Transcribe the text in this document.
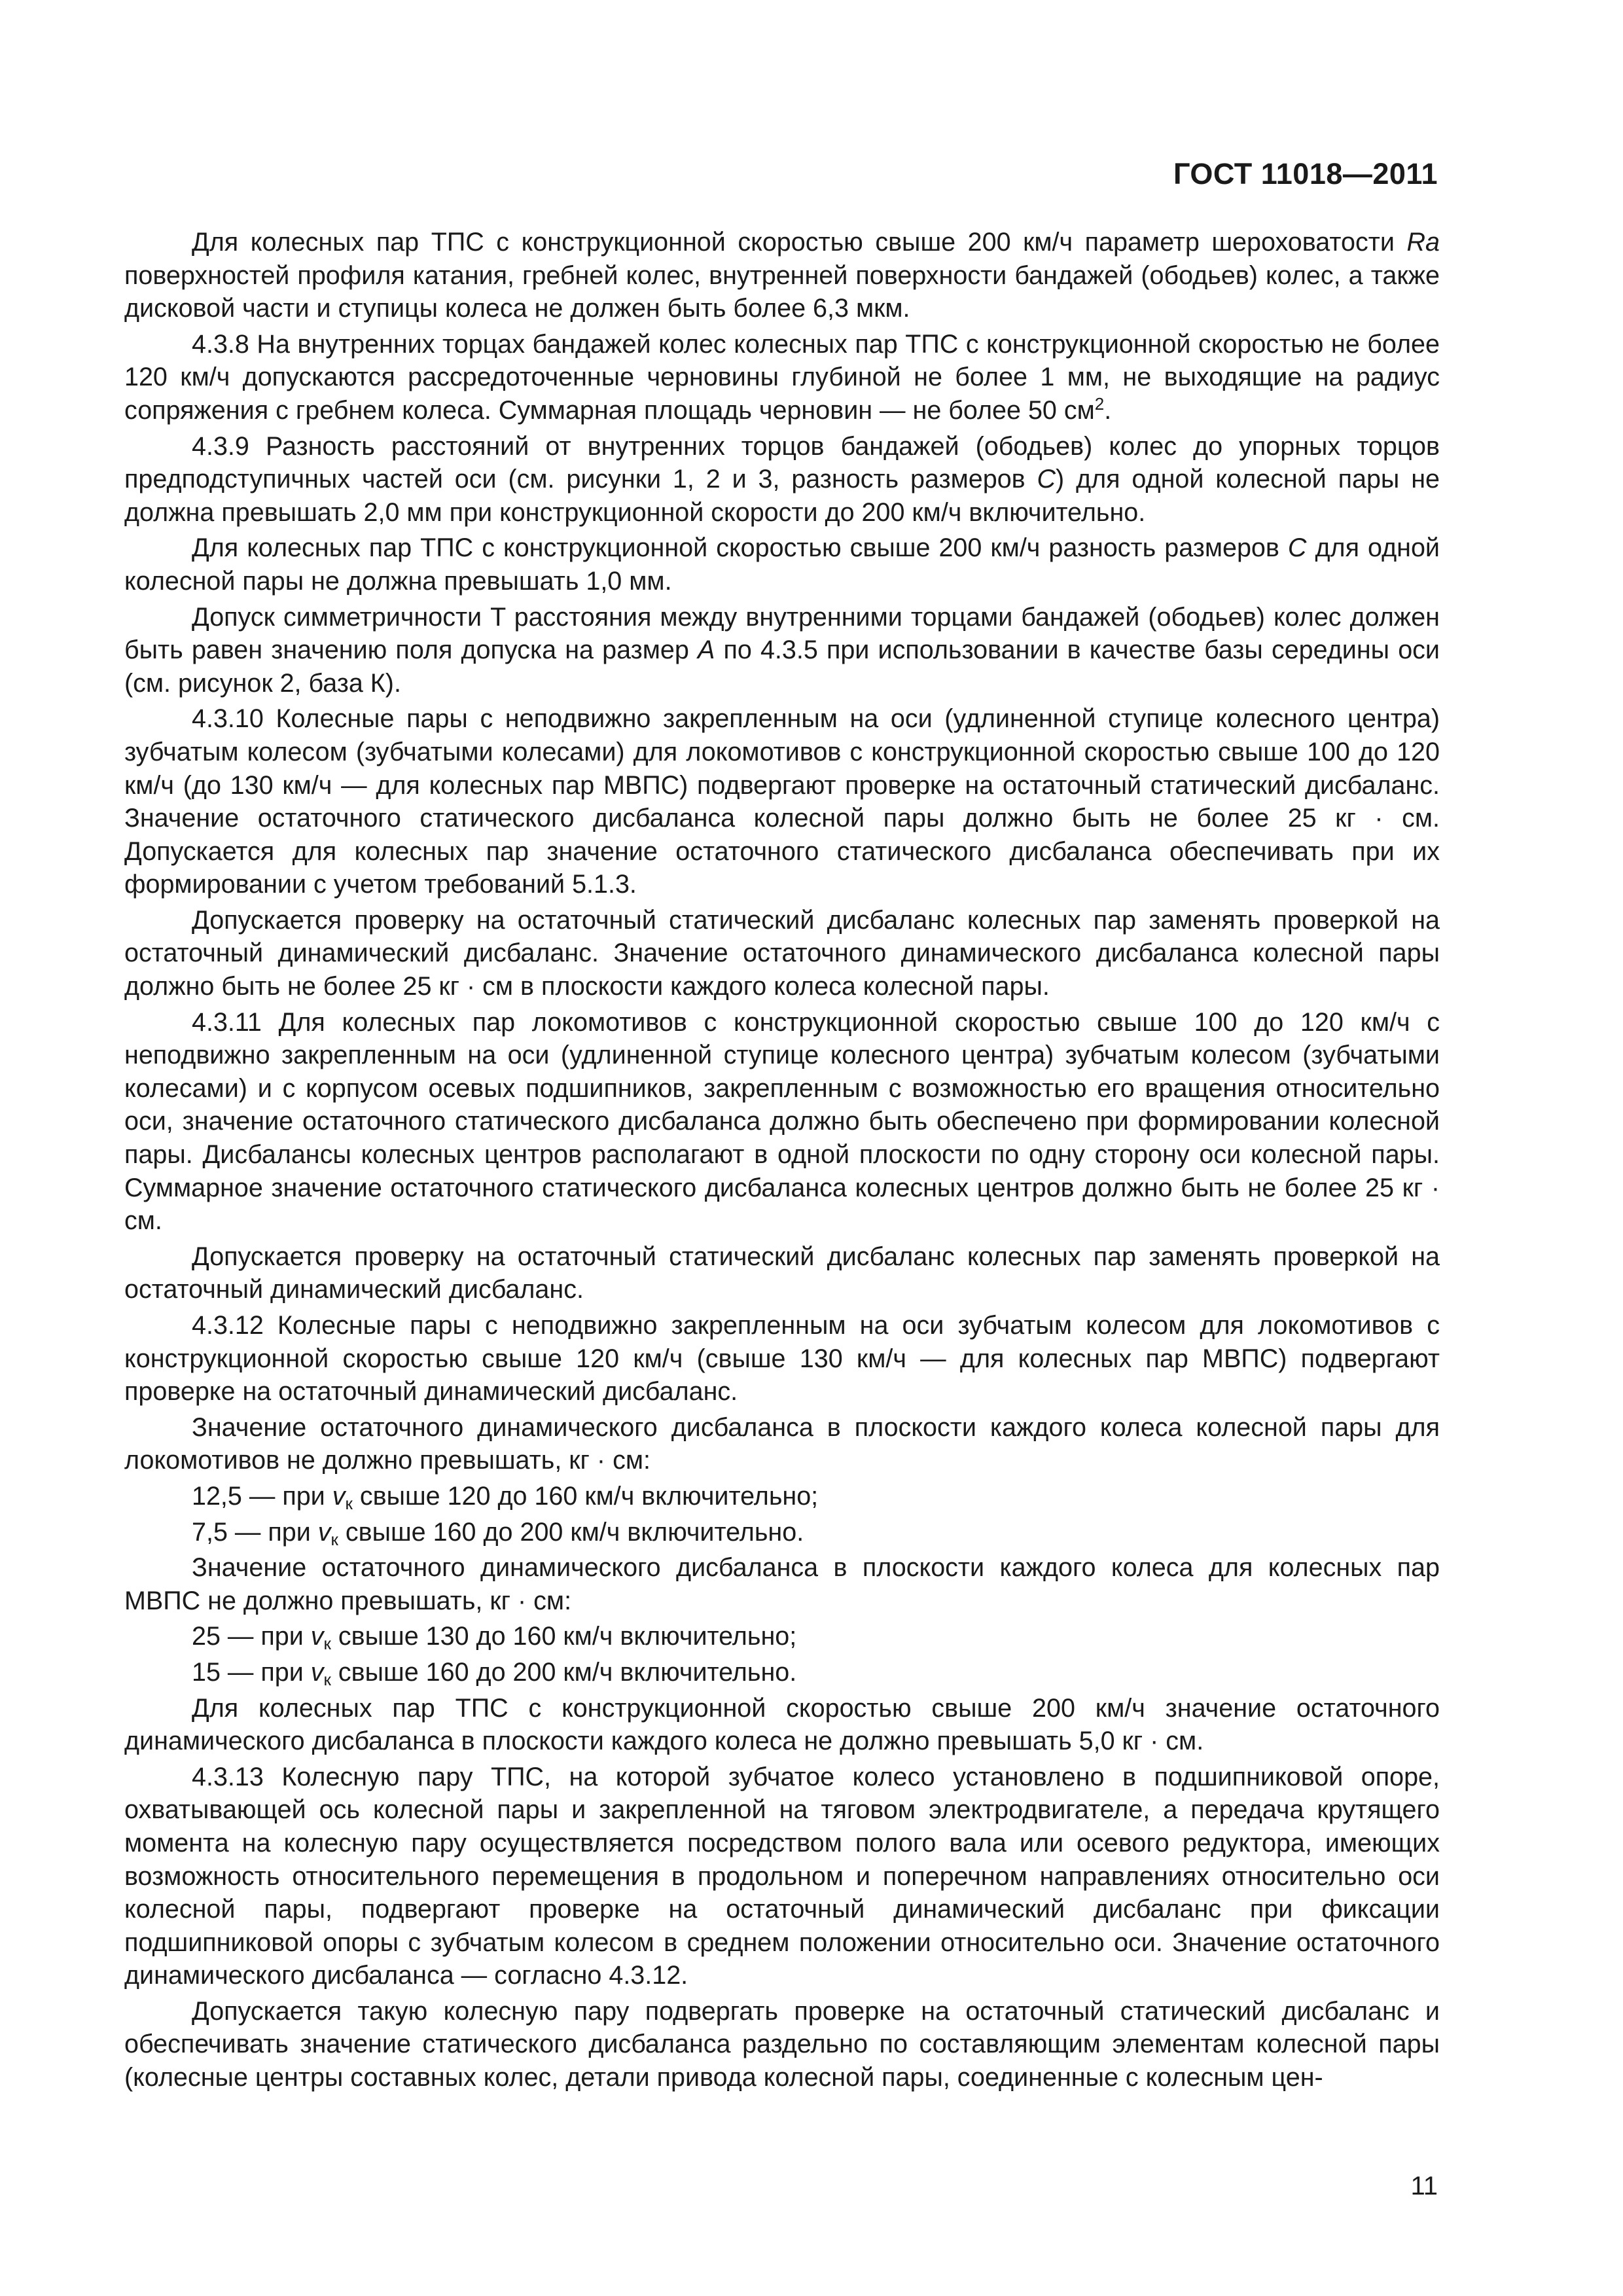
ГОСТ 11018—2011

Для колесных пар ТПС с конструкционной скоростью свыше 200 км/ч параметр шероховатости Ra поверхностей профиля катания, гребней колес, внутренней поверхности бандажей (ободьев) колес, а также дисковой части и ступицы колеса не должен быть более 6,3 мкм.

4.3.8 На внутренних торцах бандажей колес колесных пар ТПС с конструкционной скоростью не более 120 км/ч допускаются рассредоточенные черновины глубиной не более 1 мм, не выходящие на радиус сопряжения с гребнем колеса. Суммарная площадь черновин — не более 50 $см^2$.

4.3.9 Разность расстояний от внутренних торцов бандажей (ободьев) колес до упорных торцов предподступичных частей оси (см. рисунки 1, 2 и 3, разность размеров C) для одной колесной пары не должна превышать 2,0 мм при конструкционной скорости до 200 км/ч включительно.

Для колесных пар ТПС с конструкционной скоростью свыше 200 км/ч разность размеров C для одной колесной пары не должна превышать 1,0 мм.

Допуск симметричности T расстояния между внутренними торцами бандажей (ободьев) колес должен быть равен значению поля допуска на размер A по 4.3.5 при использовании в качестве базы середины оси (см. рисунок 2, база К).

4.3.10 Колесные пары с неподвижно закрепленным на оси (удлиненной ступице колесного центра) зубчатым колесом (зубчатыми колесами) для локомотивов с конструкционной скоростью свыше 100 до 120 км/ч (до 130 км/ч — для колесных пар МВПС) подвергают проверке на остаточный статический дисбаланс. Значение остаточного статического дисбаланса колесной пары должно быть не более 25 кг · см. Допускается для колесных пар значение остаточного статического дисбаланса обеспечивать при их формировании с учетом требований 5.1.3.

Допускается проверку на остаточный статический дисбаланс колесных пар заменять проверкой на остаточный динамический дисбаланс. Значение остаточного динамического дисбаланса колесной пары должно быть не более 25 кг · см в плоскости каждого колеса колесной пары.

4.3.11 Для колесных пар локомотивов с конструкционной скоростью свыше 100 до 120 км/ч с неподвижно закрепленным на оси (удлиненной ступице колесного центра) зубчатым колесом (зубчатыми колесами) и с корпусом осевых подшипников, закрепленным с возможностью его вращения относительно оси, значение остаточного статического дисбаланса должно быть обеспечено при формировании колесной пары. Дисбалансы колесных центров располагают в одной плоскости по одну сторону оси колесной пары. Суммарное значение остаточного статического дисбаланса колесных центров должно быть не более 25 кг · см.

Допускается проверку на остаточный статический дисбаланс колесных пар заменять проверкой на остаточный динамический дисбаланс.

4.3.12 Колесные пары с неподвижно закрепленным на оси зубчатым колесом для локомотивов с конструкционной скоростью свыше 120 км/ч (свыше 130 км/ч — для колесных пар МВПС) подвергают проверке на остаточный динамический дисбаланс.

Значение остаточного динамического дисбаланса в плоскости каждого колеса колесной пары для локомотивов не должно превышать, кг · см:

12,5 — при $v_к$ свыше 120 до 160 км/ч включительно;

7,5 — при $v_к$ свыше 160 до 200 км/ч включительно.

Значение остаточного динамического дисбаланса в плоскости каждого колеса для колесных пар МВПС не должно превышать, кг · см:

25 — при $v_к$ свыше 130 до 160 км/ч включительно;

15 — при $v_к$ свыше 160 до 200 км/ч включительно.

Для колесных пар ТПС с конструкционной скоростью свыше 200 км/ч значение остаточного динамического дисбаланса в плоскости каждого колеса не должно превышать 5,0 кг · см.

4.3.13 Колесную пару ТПС, на которой зубчатое колесо установлено в подшипниковой опоре, охватывающей ось колесной пары и закрепленной на тяговом электродвигателе, а передача крутящего момента на колесную пару осуществляется посредством полого вала или осевого редуктора, имеющих возможность относительного перемещения в продольном и поперечном направлениях относительно оси колесной пары, подвергают проверке на остаточный динамический дисбаланс при фиксации подшипниковой опоры с зубчатым колесом в среднем положении относительно оси. Значение остаточного динамического дисбаланса — согласно 4.3.12.

Допускается такую колесную пару подвергать проверке на остаточный статический дисбаланс и обеспечивать значение статического дисбаланса раздельно по составляющим элементам колесной пары (колесные центры составных колес, детали привода колесной пары, соединенные с колесным цен-

11
